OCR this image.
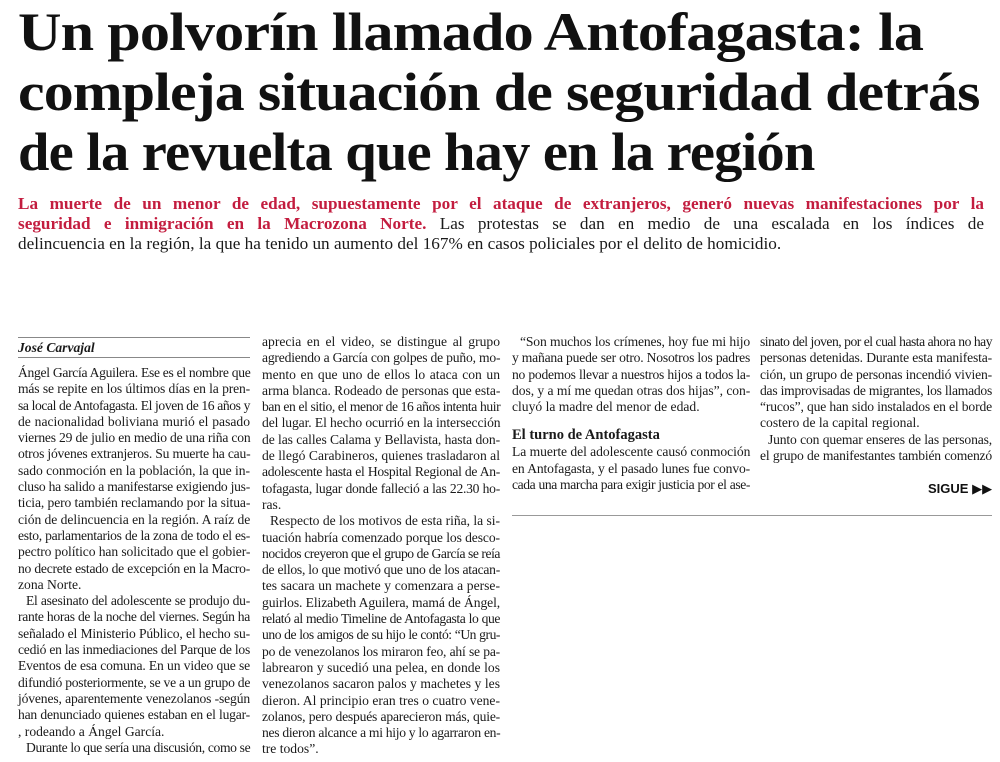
Un polvorín llamado Antofagasta: la
compleja situación de seguridad detrás
de la revuelta que hay en la región
La muerte de un menor de edad, supuestamente por el ataque de extranjeros, generó nuevas manifestaciones por la
seguridad e inmigración en la Macrozona Norte. Las protestas se dan en medio de una escalada en los índices de
delincuencia en la región, la que ha tenido un aumento del 167% en casos policiales por el delito de homicidio.
José Carvajal
Ángel García Aguilera. Ese es el nombre que
más se repite en los últimos días en la pren-
sa local de Antofagasta. El joven de 16 años y
de nacionalidad boliviana murió el pasado
viernes 29 de julio en medio de una riña con
otros jóvenes extranjeros. Su muerte ha cau-
sado conmoción en la población, la que in-
cluso ha salido a manifestarse exigiendo jus-
ticia, pero también reclamando por la situa-
ción de delincuencia en la región. A raíz de
esto, parlamentarios de la zona de todo el es-
pectro político han solicitado que el gobier-
no decrete estado de excepción en la Macro-
zona Norte.
El asesinato del adolescente se produjo du-
rante horas de la noche del viernes. Según ha
señalado el Ministerio Público, el hecho su-
cedió en las inmediaciones del Parque de los
Eventos de esa comuna. En un video que se
difundió posteriormente, se ve a un grupo de
jóvenes, aparentemente venezolanos -según
han denunciado quienes estaban en el lugar-
, rodeando a Ángel García.
Durante lo que sería una discusión, como se
aprecia en el video, se distingue al grupo
agrediendo a García con golpes de puño, mo-
mento en que uno de ellos lo ataca con un
arma blanca. Rodeado de personas que esta-
ban en el sitio, el menor de 16 años intenta huir
del lugar. El hecho ocurrió en la intersección
de las calles Calama y Bellavista, hasta don-
de llegó Carabineros, quienes trasladaron al
adolescente hasta el Hospital Regional de An-
tofagasta, lugar donde falleció a las 22.30 ho-
ras.
Respecto de los motivos de esta riña, la si-
tuación habría comenzado porque los desco-
nocidos creyeron que el grupo de García se reía
de ellos, lo que motivó que uno de los atacan-
tes sacara un machete y comenzara a perse-
guirlos. Elizabeth Aguilera, mamá de Ángel,
relató al medio Timeline de Antofagasta lo que
uno de los amigos de su hijo le contó: “Un gru-
po de venezolanos los miraron feo, ahí se pa-
labrearon y sucedió una pelea, en donde los
venezolanos sacaron palos y machetes y les
dieron. Al principio eran tres o cuatro vene-
zolanos, pero después aparecieron más, quie-
nes dieron alcance a mi hijo y lo agarraron en-
tre todos”.
“Son muchos los crímenes, hoy fue mi hijo
y mañana puede ser otro. Nosotros los padres
no podemos llevar a nuestros hijos a todos la-
dos, y a mí me quedan otras dos hijas”, con-
cluyó la madre del menor de edad.
El turno de Antofagasta
La muerte del adolescente causó conmoción
en Antofagasta, y el pasado lunes fue convo-
cada una marcha para exigir justicia por el ase-
sinato del joven, por el cual hasta ahora no hay
personas detenidas. Durante esta manifesta-
ción, un grupo de personas incendió vivien-
das improvisadas de migrantes, los llamados
“rucos”, que han sido instalados en el borde
costero de la capital regional.
Junto con quemar enseres de las personas,
el grupo de manifestantes también comenzó
SIGUE ▶▶
